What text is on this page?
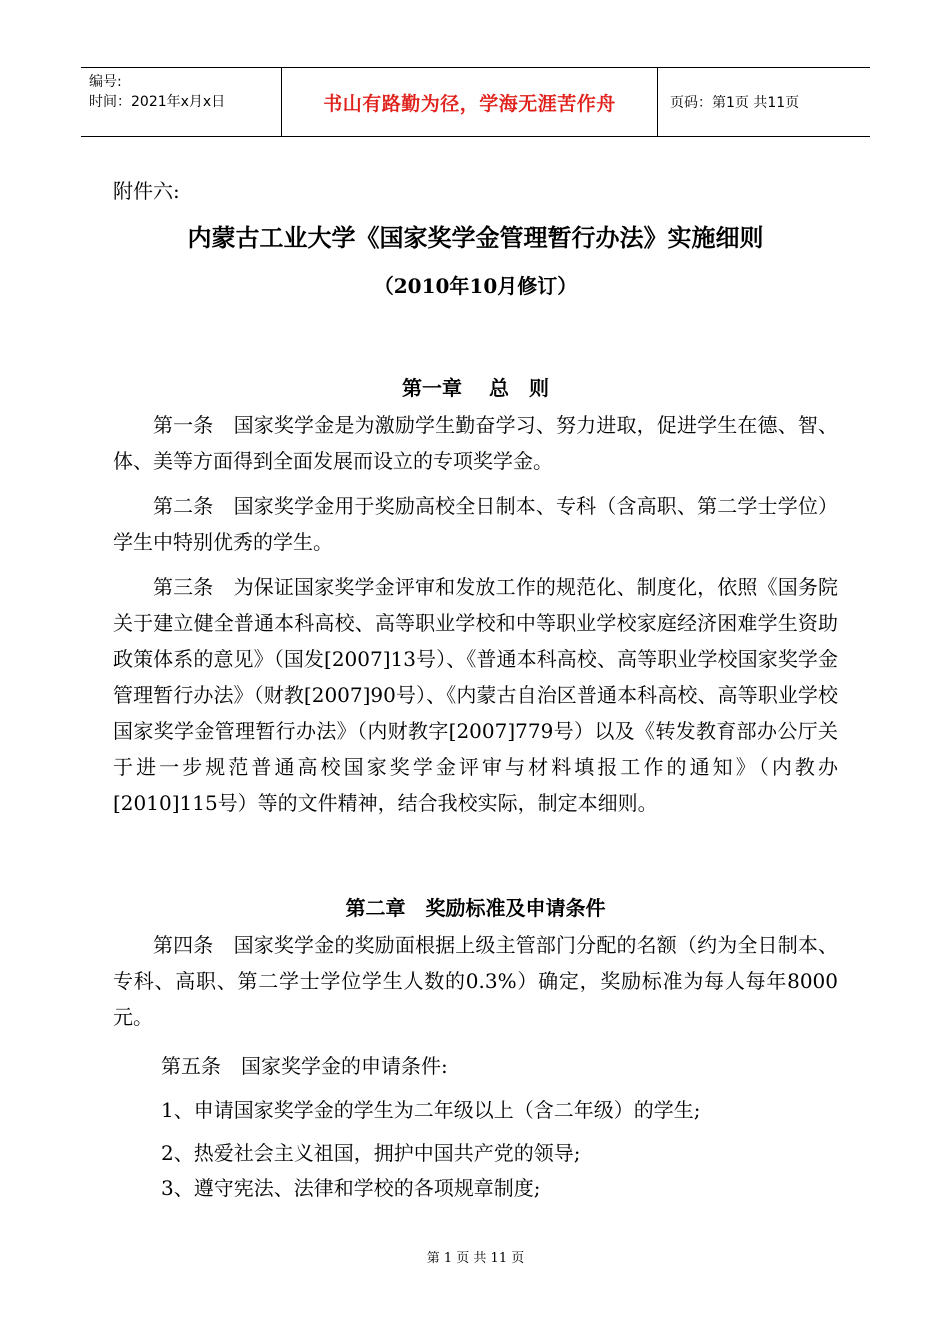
编号:
时间：2021年x月x日	书山有路勤为径，学海无涯苦作舟	页码：第1页 共11页
附件六:
内蒙古工业大学《国家奖学金管理暂行办法》实施细则
（2010年10月修订）
第一章　 总　则

第一条　国家奖学金是为激励学生勤奋学习、努力进取，促进学生在德、智、体、美等方面得到全面发展而设立的专项奖学金。

第二条　国家奖学金用于奖励高校全日制本、专科（含高职、第二学士学位）学生中特别优秀的学生。

第三条　为保证国家奖学金评审和发放工作的规范化、制度化，依照《国务院关于建立健全普通本科高校、高等职业学校和中等职业学校家庭经济困难学生资助政策体系的意见》（国发[2007]13号）、《普通本科高校、高等职业学校国家奖学金管理暂行办法》（财教[2007]90号）、《内蒙古自治区普通本科高校、高等职业学校国家奖学金管理暂行办法》（内财教字[2007]779号）以及《转发教育部办公厅关于进一步规范普通高校国家奖学金评审与材料填报工作的通知》（内教办[2010]115号）等的文件精神，结合我校实际，制定本细则。

第二章　奖励标准及申请条件

第四条　国家奖学金的奖励面根据上级主管部门分配的名额（约为全日制本、专科、高职、第二学士学位学生人数的0.3%）确定，奖励标准为每人每年8000元。

第五条　国家奖学金的申请条件:
1、申请国家奖学金的学生为二年级以上（含二年级）的学生;
2、热爱社会主义祖国，拥护中国共产党的领导;
3、遵守宪法、法律和学校的各项规章制度;
第 1 页 共 11 页
